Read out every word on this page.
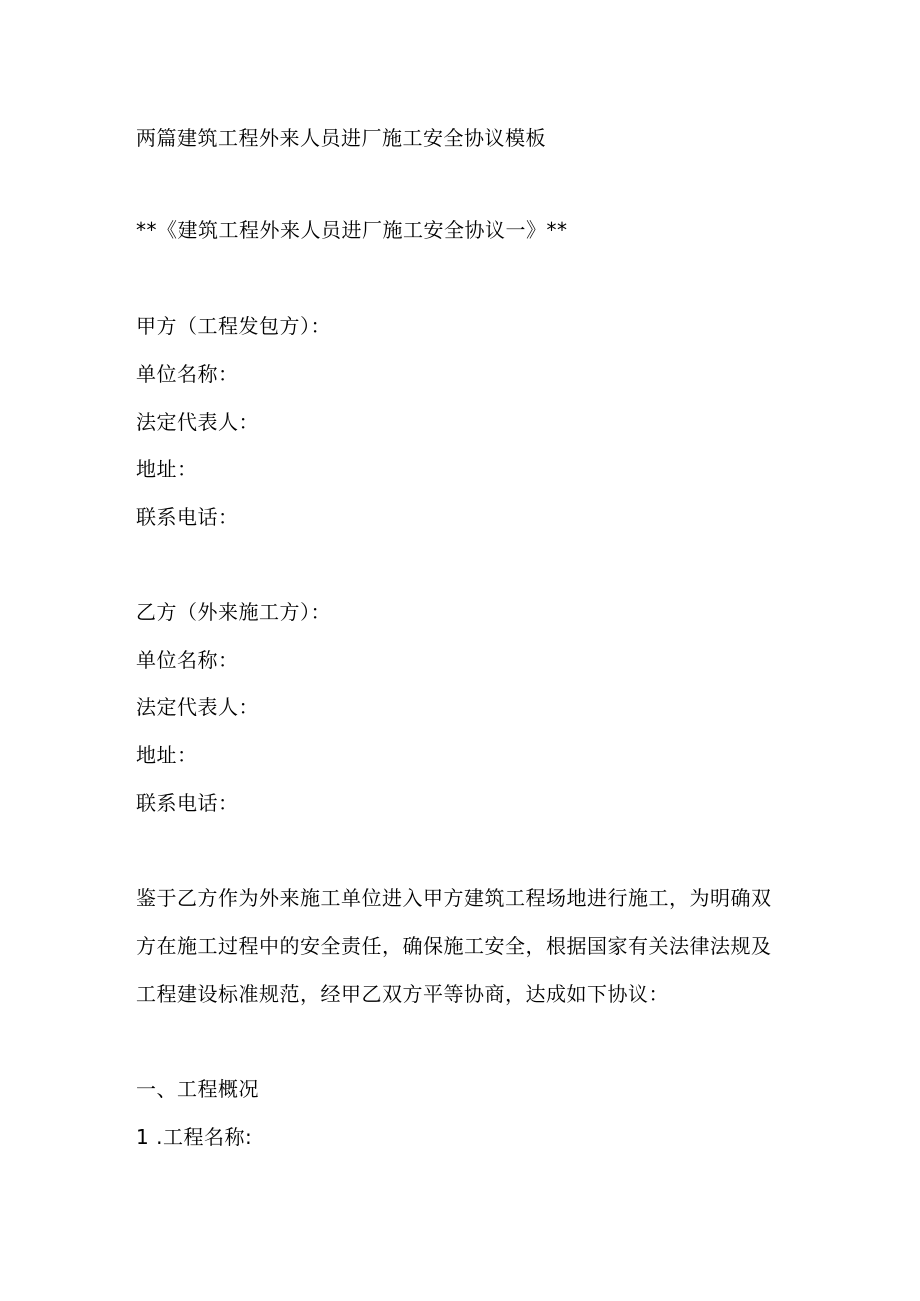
两篇建筑工程外来人员进厂施工安全协议模板
**《建筑工程外来人员进厂施工安全协议一》**
甲方（工程发包方）：
单位名称：
法定代表人：
地址：
联系电话：
乙方（外来施工方）：
单位名称：
法定代表人：
地址：
联系电话：
鉴于乙方作为外来施工单位进入甲方建筑工程场地进行施工，为明确双
方在施工过程中的安全责任，确保施工安全，根据国家有关法律法规及
工程建设标准规范，经甲乙双方平等协商，达成如下协议：
一、工程概况
1 .工程名称:
